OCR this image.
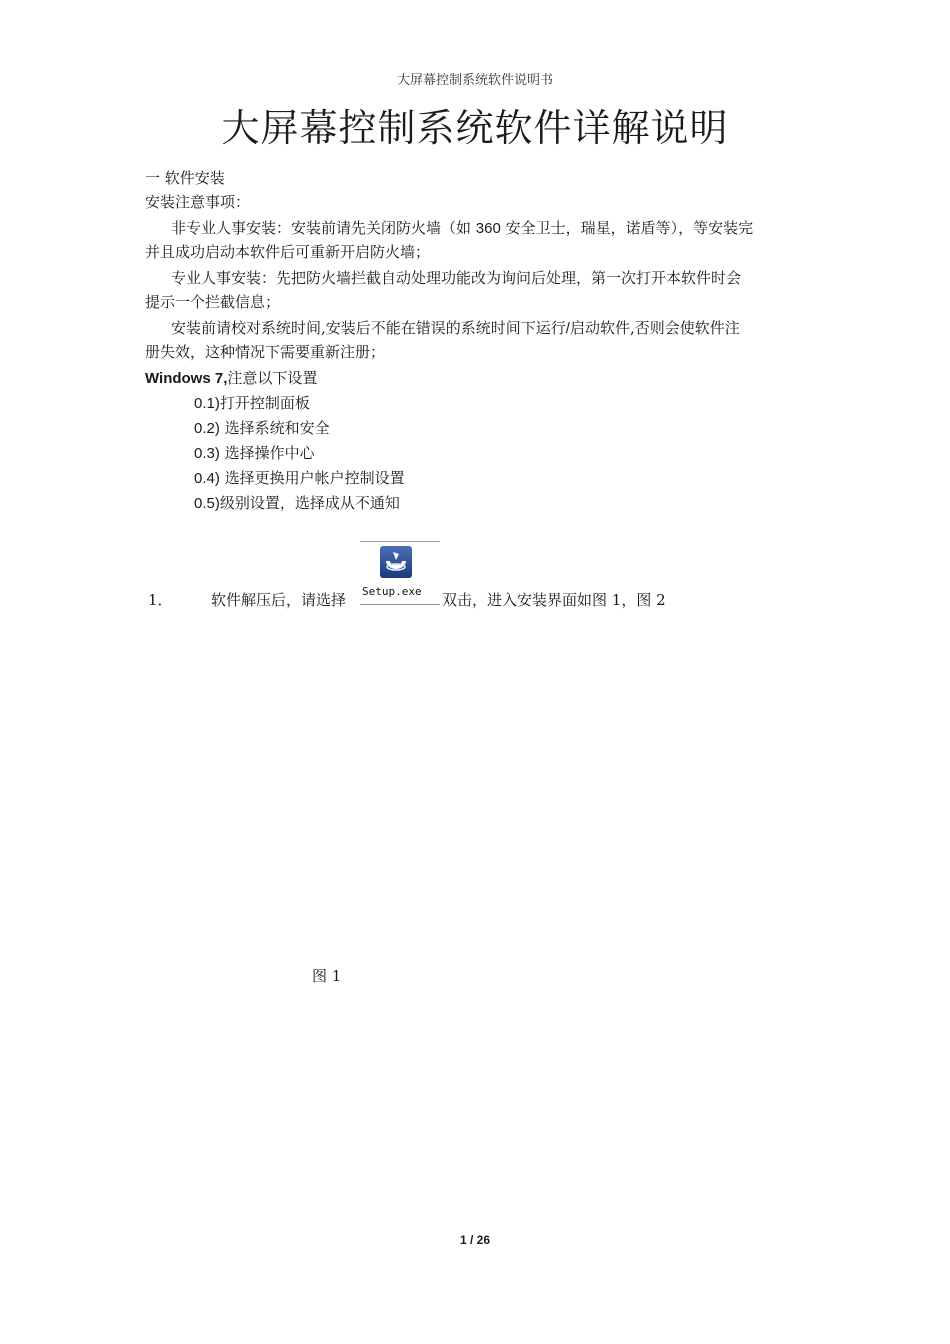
大屏幕控制系统软件说明书
大屏幕控制系统软件详解说明
一 软件安装
安装注意事项：
非专业人事安装：安装前请先关闭防火墙（如 360 安全卫士，瑞星，诺盾等），等安装完
并且成功启动本软件后可重新开启防火墙；
专业人事安装：先把防火墙拦截自动处理功能改为询问后处理，第一次打开本软件时会
提示一个拦截信息；
安装前请校对系统时间,安装后不能在错误的系统时间下运行/启动软件,否则会使软件注
册失效，这种情况下需要重新注册；
Windows 7,注意以下设置
0.1)打开控制面板
0.2) 选择系统和安全
0.3) 选择操作中心
0.4) 选择更换用户帐户控制设置
0.5)级别设置，选择成从不通知
1．	软件解压后，请选择 Setup.exe 双击，进入安装界面如图 1，图 2
图 1
1 / 26
